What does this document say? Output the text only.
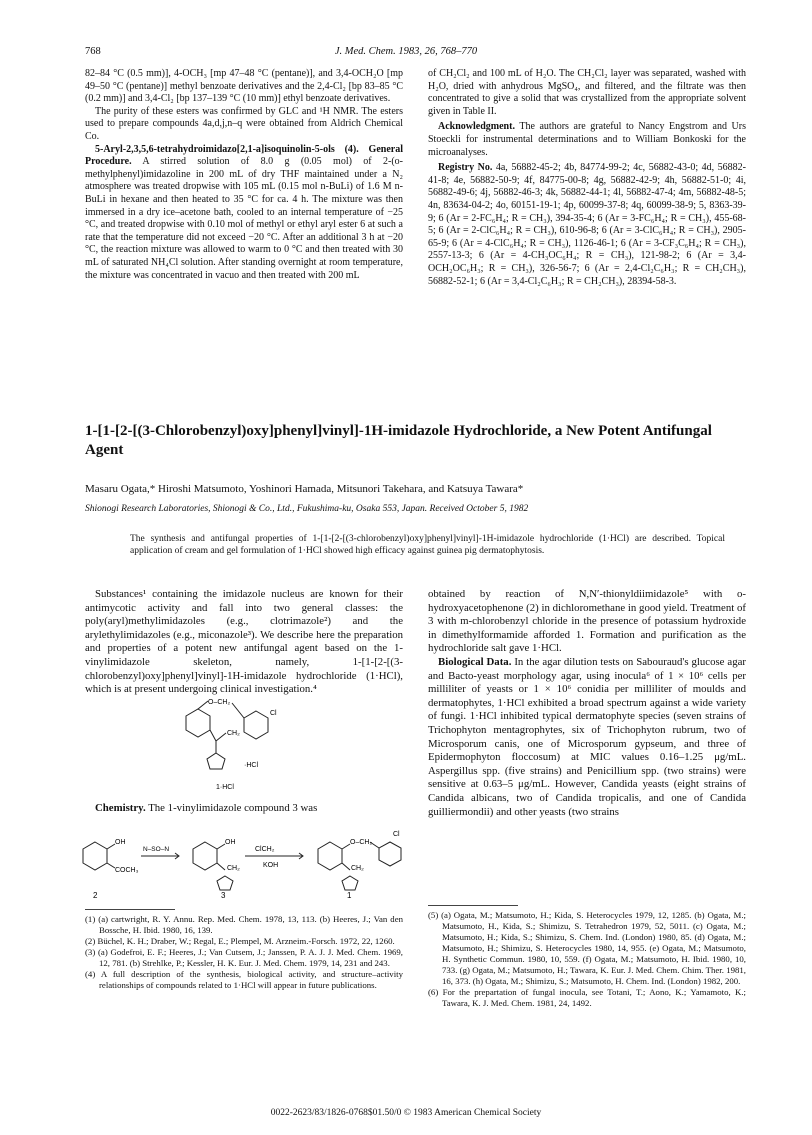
768	J. Med. Chem. 1983, 26, 768–770

82–84 °C (0.5 mm)], 4-OCH₃ [mp 47–48 °C (pentane)], and 3,4-OCH₂O [mp 49–50 °C (pentane)] methyl benzoate derivatives and the 2,4-Cl₂ [bp 83–85 °C (0.2 mm)] and 3,4-Cl₂ [bp 137–139 °C (10 mm)] ethyl benzoate derivatives.

The purity of these esters was confirmed by GLC and ¹H NMR. The esters used to prepare compounds 4a,d,j,n–q were obtained from Aldrich Chemical Co.

5-Aryl-2,3,5,6-tetrahydroimidazo[2,1-a]isoquinolin-5-ols (4). General Procedure. A stirred solution of 8.0 g (0.05 mol) of 2-(o-methylphenyl)imidazoline in 200 mL of dry THF maintained under a N₂ atmosphere was treated dropwise with 105 mL (0.15 mol n-BuLi) of 1.6 M n-BuLi in hexane and then heated to 35 °C for ca. 4 h. The mixture was then immersed in a dry ice–acetone bath, cooled to an internal temperature of −25 °C, and treated dropwise with 0.10 mol of methyl or ethyl aryl ester 6 at such a rate that the temperature did not exceed −20 °C. After an additional 3 h at −20 °C, the reaction mixture was allowed to warm to 0 °C and then treated with 30 mL of saturated NH₄Cl solution. After standing overnight at room temperature, the mixture was concentrated in vacuo and then treated with 200 mL

of CH₂Cl₂ and 100 mL of H₂O. The CH₂Cl₂ layer was separated, washed with H₂O, dried with anhydrous MgSO₄, and filtered, and the filtrate was then concentrated to give a solid that was crystallized from the appropriate solvent given in Table II.

Acknowledgment. The authors are grateful to Nancy Engstrom and Urs Stoeckli for instrumental determinations and to William Bonkoski for the microanalyses.

Registry No. 4a, 56882-45-2; 4b, 84774-99-2; 4c, 56882-43-0; 4d, 56882-41-8; 4e, 56882-50-9; 4f, 84775-00-8; 4g, 56882-42-9; 4h, 56882-51-0; 4i, 56882-49-6; 4j, 56882-46-3; 4k, 56882-44-1; 4l, 56882-47-4; 4m, 56882-48-5; 4n, 83634-04-2; 4o, 60151-19-1; 4p, 60099-37-8; 4q, 60099-38-9; 5, 8363-39-9; 6 (Ar = 2-FC₆H₄; R = CH₃), 394-35-4; 6 (Ar = 3-FC₆H₄; R = CH₃), 455-68-5; 6 (Ar = 2-ClC₆H₄; R = CH₃), 610-96-8; 6 (Ar = 3-ClC₆H₄; R = CH₃), 2905-65-9; 6 (Ar = 4-ClC₆H₄; R = CH₃), 1126-46-1; 6 (Ar = 3-CF₃C₆H₄; R = CH₃), 2557-13-3; 6 (Ar = 4-CH₃OC₆H₄; R = CH₃), 121-98-2; 6 (Ar = 3,4-OCH₂OC₆H₃; R = CH₃), 326-56-7; 6 (Ar = 2,4-Cl₂C₆H₃; R = CH₂CH₃), 56882-52-1; 6 (Ar = 3,4-Cl₂C₆H₃; R = CH₂CH₃), 28394-58-3.

1-[1-[2-[(3-Chlorobenzyl)oxy]phenyl]vinyl]-1H-imidazole Hydrochloride, a New Potent Antifungal Agent
Masaru Ogata,* Hiroshi Matsumoto, Yoshinori Hamada, Mitsunori Takehara, and Katsuya Tawara*
Shionogi Research Laboratories, Shionogi & Co., Ltd., Fukushima-ku, Osaka 553, Japan. Received October 5, 1982
The synthesis and antifungal properties of 1-[1-[2-[(3-chlorobenzyl)oxy]phenyl]vinyl]-1H-imidazole hydrochloride (1·HCl) are described. Topical application of cream and gel formulation of 1·HCl showed high efficacy against guinea pig dermatophytosis.

Substances¹ containing the imidazole nucleus are known for their antimycotic activity and fall into two general classes: the poly(aryl)methylimidazoles (e.g., clotrimazole²) and the arylethylimidazoles (e.g., miconazole³). We describe here the preparation and properties of a potent new antifungal agent based on the 1-vinylimidazole skeleton, namely, 1-[1-[2-[(3-chlorobenzyl)oxy]phenyl]vinyl]-1H-imidazole hydrochloride (1·HCl), which is at present undergoing clinical investigation.⁴

O–CH₂
CH₂
Cl
·HCl
1·HCl

Chemistry. The 1-vinylimidazole compound 3 was

OH
COCH₃
N–SO–N
OH
CH₂
ClCH₂
KOH
O–CH₂
CH₂
Cl
2	3	1

obtained by reaction of N,N′-thionyldiimidazole⁵ with o-hydroxyacetophenone (2) in dichloromethane in good yield. Treatment of 3 with m-chlorobenzyl chloride in the presence of potassium hydroxide in dimethylformamide afforded 1. Formation and purification as the hydrochloride salt gave 1·HCl.

Biological Data. In the agar dilution tests on Sabouraud's glucose agar and Bacto-yeast morphology agar, using inocula⁶ of 1 × 10⁶ cells per milliliter of yeasts or 1 × 10⁶ conidia per milliliter of moulds and dermatophytes, 1·HCl exhibited a broad spectrum against a wide variety of fungi. 1·HCl inhibited typical dermatophyte species (seven strains of Trichophyton mentagrophytes, six of Trichophyton rubrum, two of Microsporum canis, one of Microsporum gypseum, and three of Epidermophyton floccosum) at MIC values 0.16–1.25 μg/mL. Aspergillus spp. (five strains) and Penicillium spp. (two strains) were sensitive at 0.63–5 μg/mL. However, Candida yeasts (eight strains of Candida albicans, two of Candida tropicalis, and one of Candida guilliermondii) and other yeasts (two strains

(1) (a) cartwright, R. Y. Annu. Rep. Med. Chem. 1978, 13, 113. (b) Heeres, J.; Van den Bossche, H. Ibid. 1980, 16, 139.

(2) Büchel, K. H.; Draber, W.; Regal, E.; Plempel, M. Arzneim.-Forsch. 1972, 22, 1260.

(3) (a) Godefroi, E. F.; Heeres, J.; Van Cutsem, J.; Janssen, P. A. J. J. Med. Chem. 1969, 12, 781. (b) Strehlke, P.; Kessler, H. K. Eur. J. Med. Chem. 1979, 14, 231 and 243.

(4) A full description of the synthesis, biological activity, and structure–activity relationships of compounds related to 1·HCl will appear in future publications.

(5) (a) Ogata, M.; Matsumoto, H.; Kida, S. Heterocycles 1979, 12, 1285. (b) Ogata, M.; Matsumoto, H., Kida, S.; Shimizu, S. Tetrahedron 1979, 52, 5011. (c) Ogata, M.; Matsumoto, H.; Kida, S.; Shimizu, S. Chem. Ind. (London) 1980, 85. (d) Ogata, M.; Matsumoto, H.; Shimizu, S. Heterocycles 1980, 14, 955. (e) Ogata, M.; Matsumoto, H. Synthetic Commun. 1980, 10, 559. (f) Ogata, M.; Matsumoto, H. Ibid. 1980, 10, 733. (g) Ogata, M.; Matsumoto, H.; Tawara, K. Eur. J. Med. Chem. Chim. Ther. 1981, 16, 373. (h) Ogata, M.; Shimizu, S.; Matsumoto, H. Chem. Ind. (London) 1982, 200.

(6) For the prepartation of fungal inocula, see Totani, T.; Aono, K.; Yamamoto, K.; Tawara, K. J. Med. Chem. 1981, 24, 1492.

0022-2623/83/1826-0768$01.50/0 © 1983 American Chemical Society
